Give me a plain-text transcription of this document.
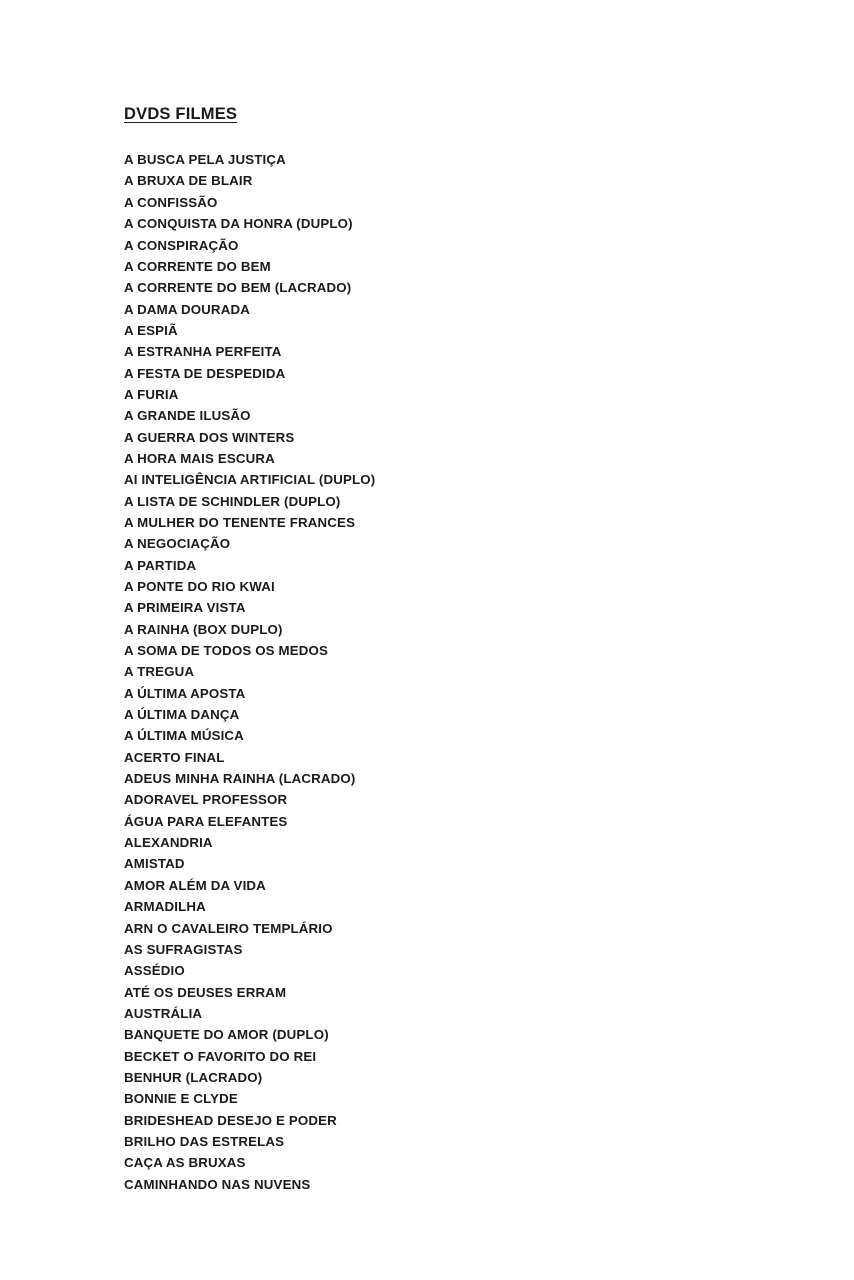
DVDS FILMES
A BUSCA PELA JUSTIÇA
A BRUXA DE BLAIR
A CONFISSÃO
A CONQUISTA DA HONRA (DUPLO)
A CONSPIRAÇÃO
A CORRENTE DO BEM
A CORRENTE DO BEM (LACRADO)
A DAMA DOURADA
A ESPIÃ
A ESTRANHA PERFEITA
A FESTA DE DESPEDIDA
A FURIA
A GRANDE ILUSÃO
A GUERRA DOS WINTERS
A HORA MAIS ESCURA
AI INTELIGÊNCIA ARTIFICIAL (DUPLO)
A LISTA DE SCHINDLER (DUPLO)
A MULHER DO TENENTE FRANCES
A NEGOCIAÇÃO
A PARTIDA
A PONTE DO RIO KWAI
A PRIMEIRA VISTA
A RAINHA (BOX DUPLO)
A SOMA DE TODOS OS MEDOS
A TREGUA
A ÚLTIMA APOSTA
A ÚLTIMA DANÇA
A ÚLTIMA MÚSICA
ACERTO FINAL
ADEUS MINHA RAINHA (LACRADO)
ADORAVEL PROFESSOR
ÁGUA PARA ELEFANTES
ALEXANDRIA
AMISTAD
AMOR ALÉM DA VIDA
ARMADILHA
ARN O CAVALEIRO TEMPLÁRIO
AS SUFRAGISTAS
ASSÉDIO
ATÉ OS DEUSES ERRAM
AUSTRÁLIA
BANQUETE DO AMOR (DUPLO)
BECKET O FAVORITO DO REI
BENHUR (LACRADO)
BONNIE E CLYDE
BRIDESHEAD DESEJO E PODER
BRILHO DAS ESTRELAS
CAÇA AS BRUXAS
CAMINHANDO NAS NUVENS
